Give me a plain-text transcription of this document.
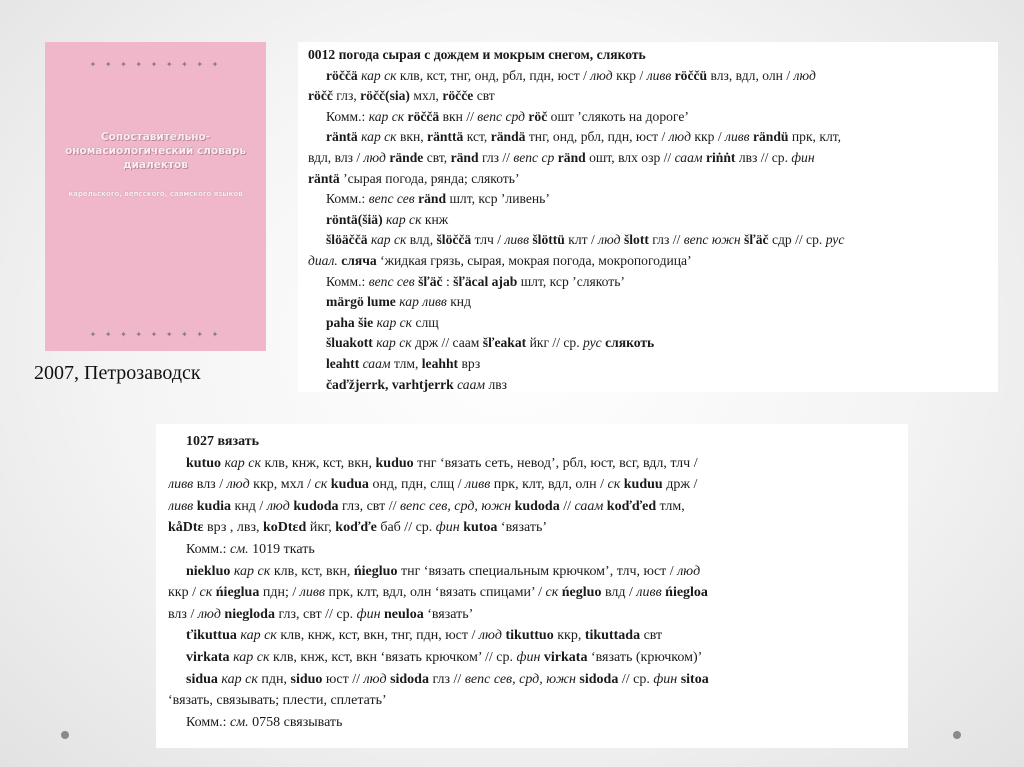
✦ ✦ ✦ ✦ ✦ ✦ ✦ ✦ ✦
Сопоставительно-ономасиологический словарь диалектов
карельского, вепсского, саамского языков
✦ ✦ ✦ ✦ ✦ ✦ ✦ ✦ ✦
2007, Петрозаводск
0012 погода сырая с дождем и мокрым снегом, слякоть
röččä кар ск клв, кст, тнг, онд, рбл, пдн, юст / люд ккр / ливв röččü влз, вдл, олн / люд
röčč глз, röčč(sia) мхл, röčče свт
Комм.: кар ск röččä вкн // вепс срд röč ошт ’слякоть на дороге’
räntä кар ск вкн, ränttä кст, rändä тнг, онд, рбл, пдн, юст / люд ккр / ливв rändü прк, клт,
вдл, влз / люд rände свт, ränd глз // вепс ср ränd ошт, влх озр // саам riṅṅt лвз // ср. фин
räntä ’сырая погода, рянда; слякоть’
Комм.: вепс сев ränd шлт, кср ’ливень’
röntä(šiä) кар ск кнж
šlöäččä кар ск влд, šlöččä тлч / ливв šlöttü клт / люд šlott глз // вепс южн šľäč сдр // ср. рус
диал. сляча ‘жидкая грязь, сырая, мокрая погода, мокропогодица’
Комм.: вепс сев šľäč : šľäcal ajab шлт, кср ’слякоть’
märgö lume кар ливв кнд
paha šie кар ск слщ
šluakott кар ск држ // саам šľeakat йкг // ср. рус слякоть
leahtt саам тлм, leahht врз
čaďžjerrk, varhtjerrk саам лвз
1027 вязать
kutuo кар ск клв, кнж, кст, вкн, kuduo тнг ‘вязать сеть, невод’, рбл, юст, всг, вдл, тлч /
ливв влз / люд ккр, мхл / ск kudua онд, пдн, слщ / ливв прк, клт, вдл, олн / ск kuduu држ /
ливв kudia кнд / люд kudoda глз, свт // вепс сев, срд, южн kudoda // саам koďďed тлм,
kåDtε врз , лвз, koDtεd йкг, koďďe баб // ср. фин kutoa ‘вязать’
Комм.: см. 1019 ткать
niekluo кар ск клв, кст, вкн, ńiegluo тнг ‘вязать специальным крючком’, тлч, юст / люд
ккр / ск ńieglua пдн; / ливв прк, клт, вдл, олн ‘вязать спицами’ / ск ńegluo влд / ливв ńiegloa
влз / люд niegloda глз, свт // ср. фин neuloa ‘вязать’
ťikuttua кар ск клв, кнж, кст, вкн, тнг, пдн, юст / люд tikuttuo ккр, tikuttada свт
virkata кар ск клв, кнж, кст, вкн ‘вязать крючком’ // ср. фин virkata ‘вязать (крючком)’
sidua кар ск пдн, siduo юст // люд sidoda глз // вепс сев, срд, южн sidoda // ср. фин sitoa
‘вязать, связывать; плести, сплетать’
Комм.: см. 0758 связывать
